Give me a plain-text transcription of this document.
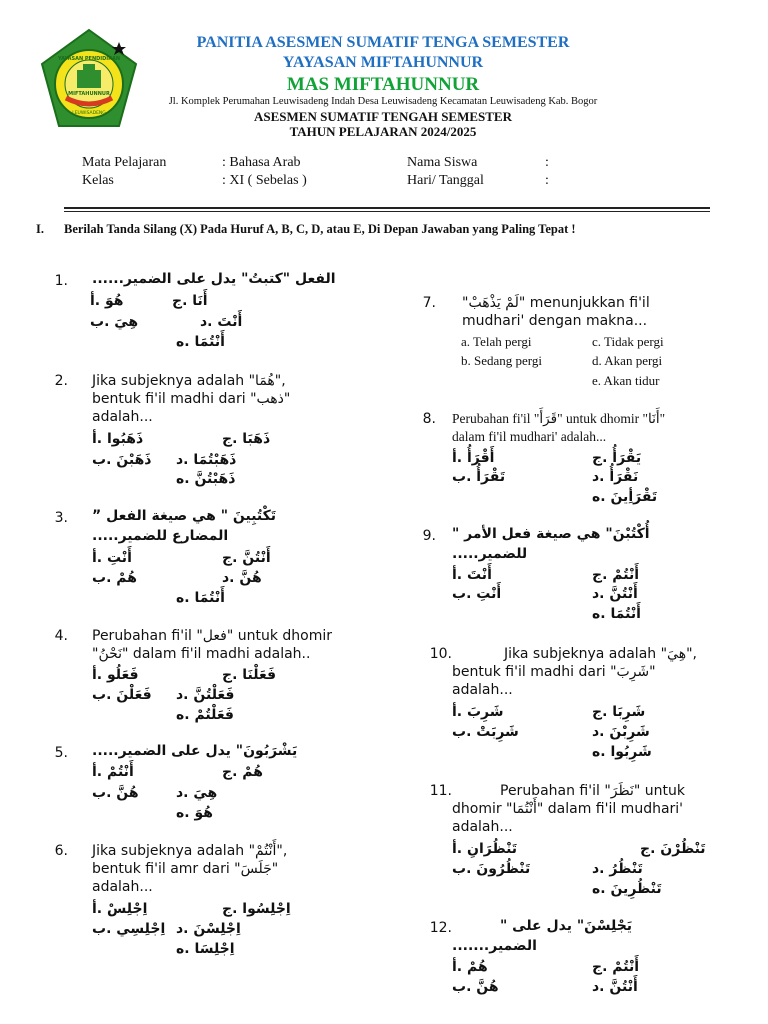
YAYASAN PENDIDIKAN
MIFTAHUNNUR
LEUWISADENG
PANITIA ASESMEN SUMATIF TENGA SEMESTER
YAYASAN MIFTAHUNNUR
MAS MIFTAHUNNUR
Jl. Komplek Perumahan Leuwisadeng Indah Desa Leuwisadeng Kecamatan Leuwisadeng Kab. Bogor
ASESMEN SUMATIF TENGAH SEMESTER
TAHUN PELAJARAN 2024/2025
Mata Pelajaran	: Bahasa Arab
Kelas	: XI ( Sebelas )
Nama Siswa	:
Hari/ Tanggal	:
I. Berilah Tanda Silang (X) Pada Huruf A, B, C, D, atau E, Di Depan Jawaban yang Paling Tepat !
1. الفعل "كتبتُ" يدل على الضمير......
هُوَ .أ	أَنَا .ج
هِيَ .ب	أَنْتَ .د
أَنْتُمَا .ه
2. Jika subjeknya adalah "هُمَا",
bentuk fi'il madhi dari "ذهب"
adalah...
ذَهَبُوا .أ	ذَهَبَا .ج
ذَهَبْنَ .ب ذَهَبْتُمَا .د
ذَهَبْتُنَّ .ه
3. تَكْتُبِينَ " هي صيغة الفعل ”
المضارع للضمير.....
أَنْتِ .أ	أَنْتُنَّ .ج
هُمْ .ب	هُنَّ .د
أَنْتُمَا .ه
4. Perubahan fi'il "فعل" untuk dhomir
"نَحْنُ" dalam fi'il madhi adalah..
فَعَلُو .أ	فَعَلْنَا .ج
فَعَلْنَ .ب فَعَلْتُنَّ .د
فَعَلْتُمْ .ه
5. يَشْرَبُونَ" يدل على الضمير.....
أَنْتُمْ .أ	هُمْ .ج
هُنَّ .ب	هِيَ .د
هُوَ .ه
6. Jika subjeknya adalah "أَنْتُمْ",
bentuk fi'il amr dari "جَلَسَ"
adalah...
اِجْلِسْ .أ	اِجْلِسُوا .ج
اِجْلِسِي .ب اِجْلِسْنَ .د
اِجْلِسَا .ه
7. "لَمْ يَذْهَبْ" menunjukkan fi'il
mudhari' dengan makna...
a. Telah pergi	c. Tidak pergi
b. Sedang pergi	d. Akan pergi
e. Akan tidur
8. Perubahan fi'il "قَرَأَ" untuk dhomir "أَنَا"
dalam fi'il mudhari' adalah...
أَقْرَأُ .أ	يَقْرَأُ .ج
تَقْرَأُ .ب	نَقْرَأُ .د
تَقْرَأِينَ .ه
9. أُكْتُبْنَ" هي صيغة فعل الأمر "
للضمير.....
أَنْتَ .أ	أَنْتُمْ .ج
أَنْتِ .ب	أَنْتُنَّ .د
أَنْتُمَا .ه
10.	Jika subjeknya adalah "هِيَ",
bentuk fi'il madhi dari "شَرِبَ"
adalah...
شَرِبَ .أ	شَرِبَا .ج
شَرِبَتْ .ب	شَرِبْنَ .د
شَرِبُوا .ه
11.	Perubahan fi'il "نَظَرَ" untuk
dhomir "أَنْتُمَا" dalam fi'il mudhari'
adalah...
تَنْظُرَانِ .أ	تَنْظُرْنَ .ج
تَنْظُرُونَ .ب	تَنْظُرُ .د
تَنْظُرِينَ .ه
12.	يَجْلِسْنَ" يدل على "
الضمير.......
هُمْ .أ	أَنْتُمْ .ج
هُنَّ .ب	أَنْتُنَّ .د
